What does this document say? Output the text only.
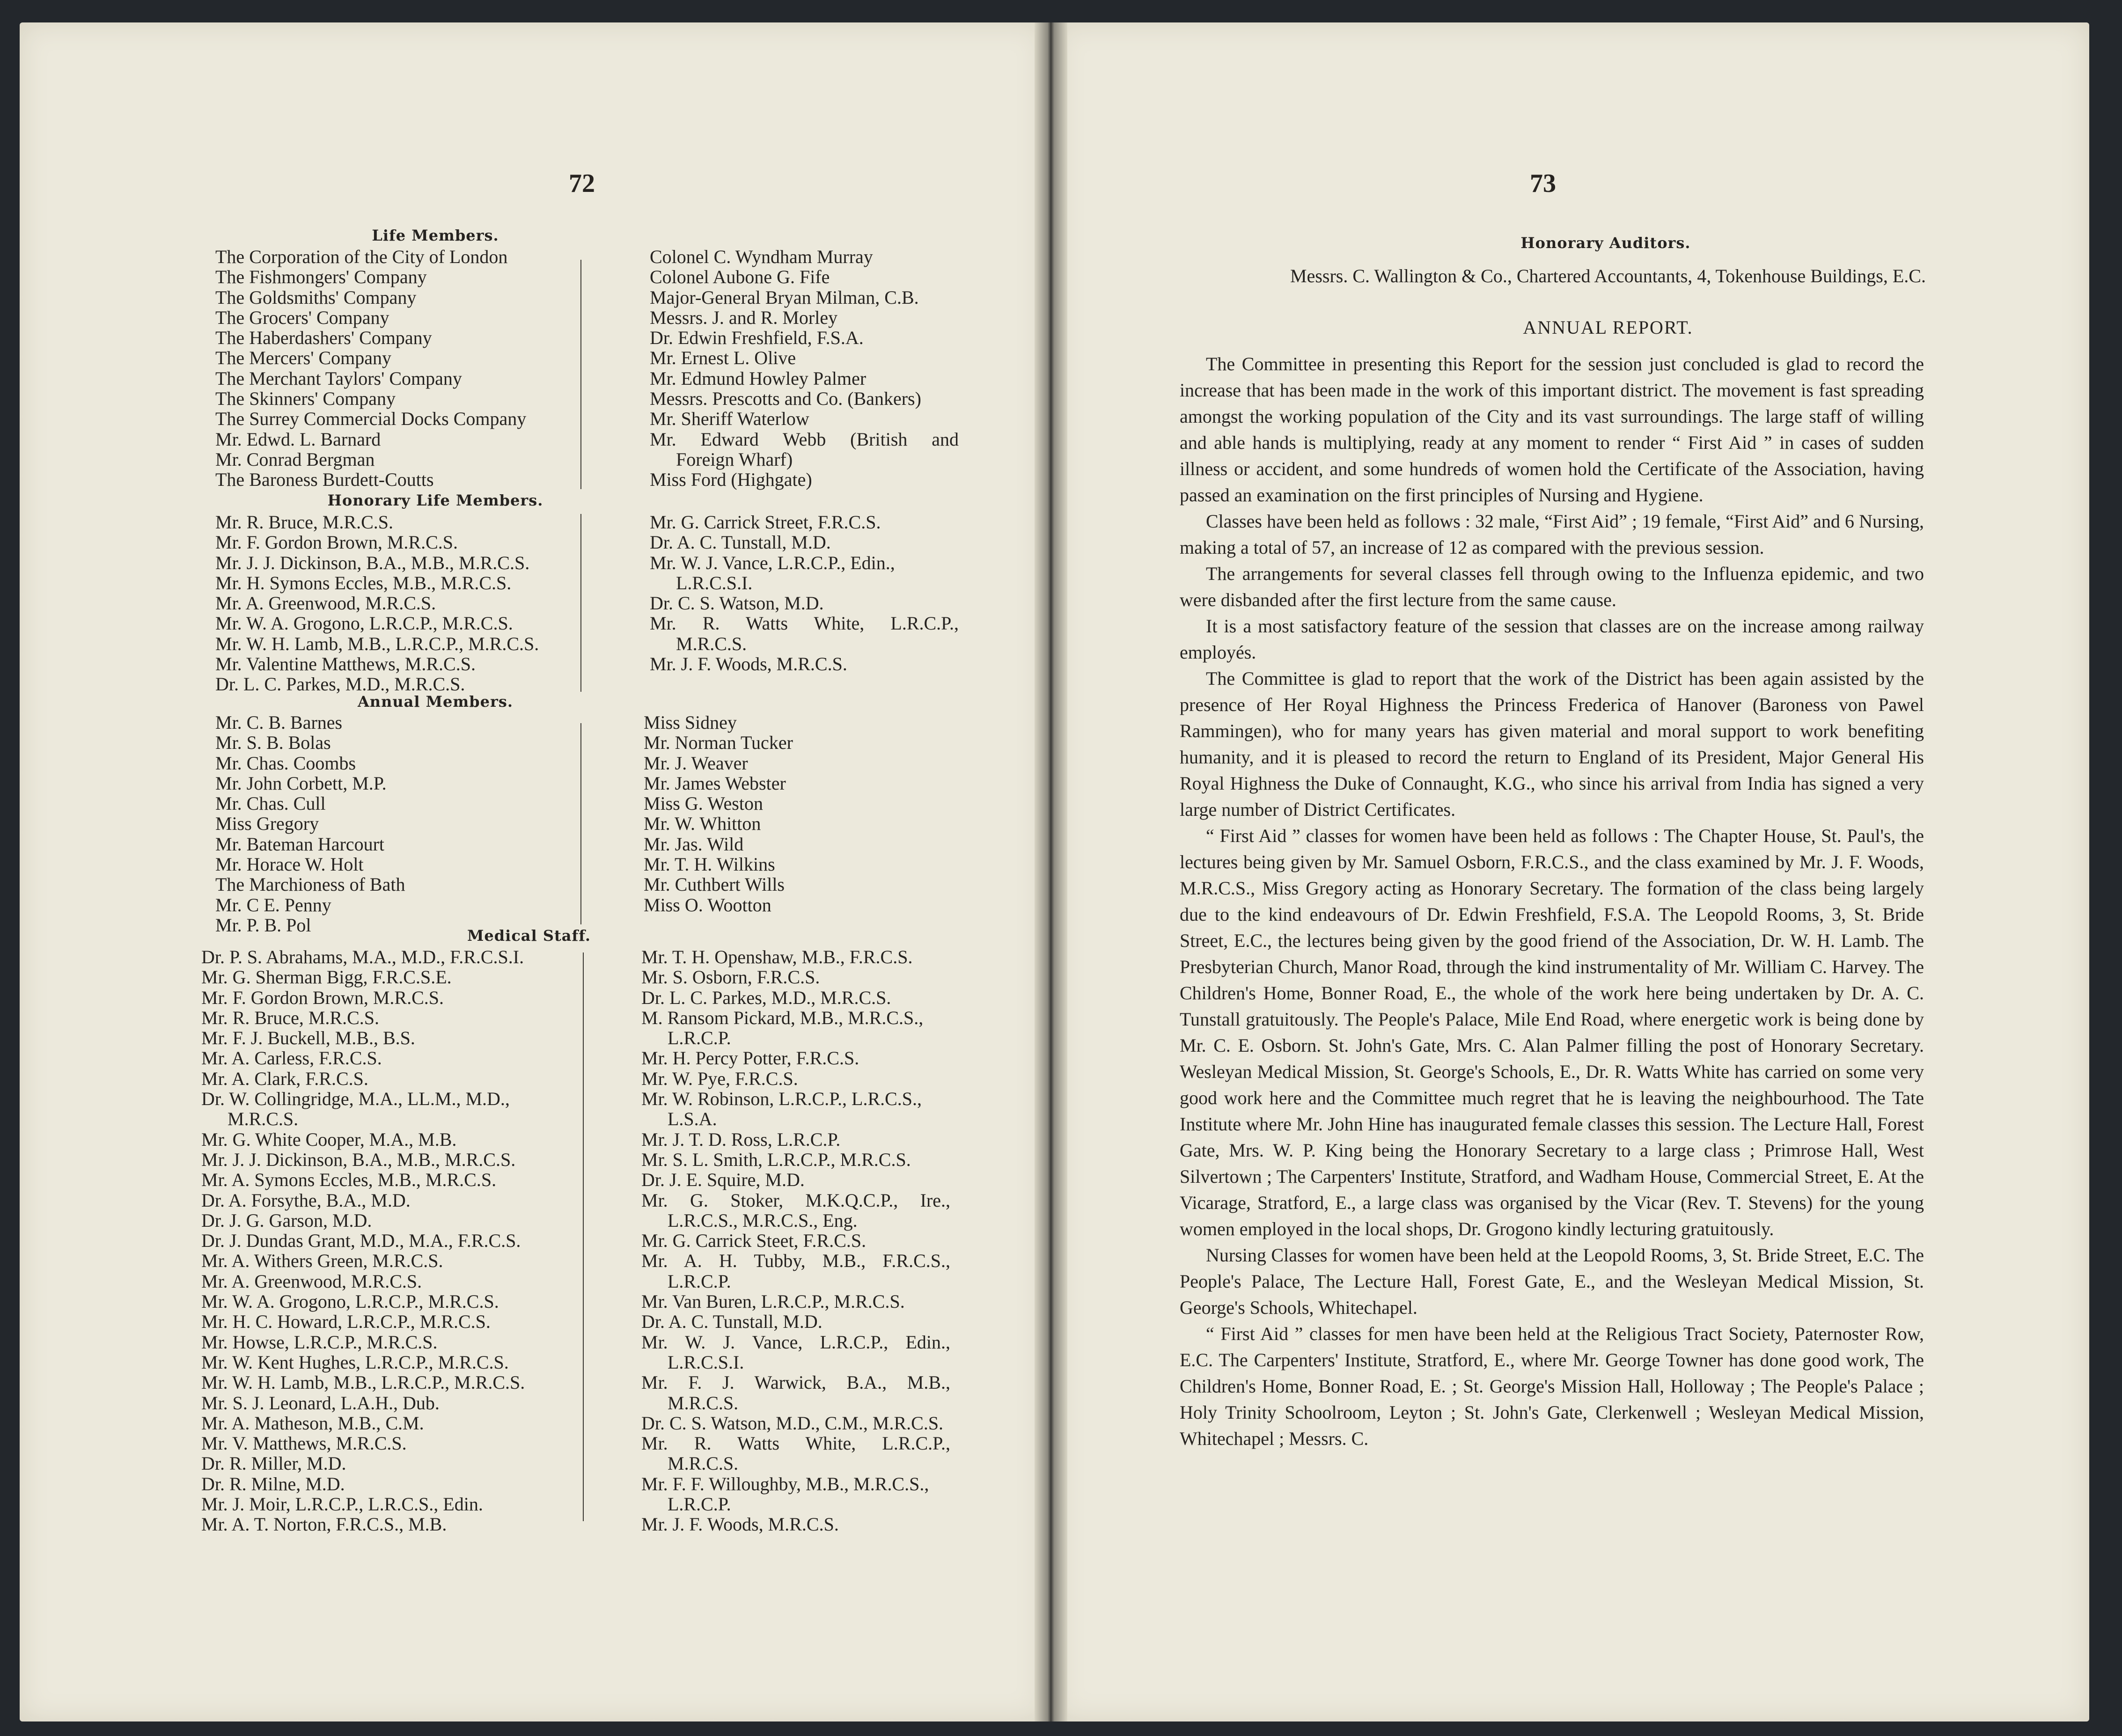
72
Life Members.
The Corporation of the City of London
The Fishmongers' Company
The Goldsmiths' Company
The Grocers' Company
The Haberdashers' Company
The Mercers' Company
The Merchant Taylors' Company
The Skinners' Company
The Surrey Commercial Docks Company
Mr. Edwd. L. Barnard
Mr. Conrad Bergman
The Baroness Burdett-Coutts
Colonel C. Wyndham Murray
Colonel Aubone G. Fife
Major-General Bryan Milman, C.B.
Messrs. J. and R. Morley
Dr. Edwin Freshfield, F.S.A.
Mr. Ernest L. Olive
Mr. Edmund Howley Palmer
Messrs. Prescotts and Co. (Bankers)
Mr. Sheriff Waterlow
Mr. Edward Webb (British and
Foreign Wharf)
Miss Ford (Highgate)
Honorary Life Members.
Mr. R. Bruce, M.R.C.S.
Mr. F. Gordon Brown, M.R.C.S.
Mr. J. J. Dickinson, B.A., M.B., M.R.C.S.
Mr. H. Symons Eccles, M.B., M.R.C.S.
Mr. A. Greenwood, M.R.C.S.
Mr. W. A. Grogono, L.R.C.P., M.R.C.S.
Mr. W. H. Lamb, M.B., L.R.C.P., M.R.C.S.
Mr. Valentine Matthews, M.R.C.S.
Dr. L. C. Parkes, M.D., M.R.C.S.
Mr. G. Carrick Street, F.R.C.S.
Dr. A. C. Tunstall, M.D.
Mr. W. J. Vance, L.R.C.P., Edin.,
L.R.C.S.I.
Dr. C. S. Watson, M.D.
Mr. R. Watts White, L.R.C.P.,
M.R.C.S.
Mr. J. F. Woods, M.R.C.S.
Annual Members.
Mr. C. B. Barnes
Mr. S. B. Bolas
Mr. Chas. Coombs
Mr. John Corbett, M.P.
Mr. Chas. Cull
Miss Gregory
Mr. Bateman Harcourt
Mr. Horace W. Holt
The Marchioness of Bath
Mr. C E. Penny
Mr. P. B. Pol
Miss Sidney
Mr. Norman Tucker
Mr. J. Weaver
Mr. James Webster
Miss G. Weston
Mr. W. Whitton
Mr. Jas. Wild
Mr. T. H. Wilkins
Mr. Cuthbert Wills
Miss O. Wootton
Medical Staff.
Dr. P. S. Abrahams, M.A., M.D., F.R.C.S.I.
Mr. G. Sherman Bigg, F.R.C.S.E.
Mr. F. Gordon Brown, M.R.C.S.
Mr. R. Bruce, M.R.C.S.
Mr. F. J. Buckell, M.B., B.S.
Mr. A. Carless, F.R.C.S.
Mr. A. Clark, F.R.C.S.
Dr. W. Collingridge, M.A., LL.M., M.D.,
M.R.C.S.
Mr. G. White Cooper, M.A., M.B.
Mr. J. J. Dickinson, B.A., M.B., M.R.C.S.
Mr. A. Symons Eccles, M.B., M.R.C.S.
Dr. A. Forsythe, B.A., M.D.
Dr. J. G. Garson, M.D.
Dr. J. Dundas Grant, M.D., M.A., F.R.C.S.
Mr. A. Withers Green, M.R.C.S.
Mr. A. Greenwood, M.R.C.S.
Mr. W. A. Grogono, L.R.C.P., M.R.C.S.
Mr. H. C. Howard, L.R.C.P., M.R.C.S.
Mr. Howse, L.R.C.P., M.R.C.S.
Mr. W. Kent Hughes, L.R.C.P., M.R.C.S.
Mr. W. H. Lamb, M.B., L.R.C.P., M.R.C.S.
Mr. S. J. Leonard, L.A.H., Dub.
Mr. A. Matheson, M.B., C.M.
Mr. V. Matthews, M.R.C.S.
Dr. R. Miller, M.D.
Dr. R. Milne, M.D.
Mr. J. Moir, L.R.C.P., L.R.C.S., Edin.
Mr. A. T. Norton, F.R.C.S., M.B.
Mr. T. H. Openshaw, M.B., F.R.C.S.
Mr. S. Osborn, F.R.C.S.
Dr. L. C. Parkes, M.D., M.R.C.S.
M. Ransom Pickard, M.B., M.R.C.S.,
L.R.C.P.
Mr. H. Percy Potter, F.R.C.S.
Mr. W. Pye, F.R.C.S.
Mr. W. Robinson, L.R.C.P., L.R.C.S.,
L.S.A.
Mr. J. T. D. Ross, L.R.C.P.
Mr. S. L. Smith, L.R.C.P., M.R.C.S.
Dr. J. E. Squire, M.D.
Mr. G. Stoker, M.K.Q.C.P., Ire.,
L.R.C.S., M.R.C.S., Eng.
Mr. G. Carrick Steet, F.R.C.S.
Mr. A. H. Tubby, M.B., F.R.C.S.,
L.R.C.P.
Mr. Van Buren, L.R.C.P., M.R.C.S.
Dr. A. C. Tunstall, M.D.
Mr. W. J. Vance, L.R.C.P., Edin.,
L.R.C.S.I.
Mr. F. J. Warwick, B.A., M.B.,
M.R.C.S.
Dr. C. S. Watson, M.D., C.M., M.R.C.S.
Mr. R. Watts White, L.R.C.P.,
M.R.C.S.
Mr. F. F. Willoughby, M.B., M.R.C.S.,
L.R.C.P.
Mr. J. F. Woods, M.R.C.S.
73
Honorary Auditors.
Messrs. C. Wallington & Co., Chartered Accountants, 4, Tokenhouse Buildings, E.C.
ANNUAL REPORT.
The Committee in presenting this Report for the session just concluded is glad to record the increase that has been made in the work of this important district. The movement is fast spreading amongst the working population of the City and its vast surroundings. The large staff of willing and able hands is multiplying, ready at any moment to render “ First Aid ” in cases of sudden illness or accident, and some hundreds of women hold the Certificate of the Association, having passed an examination on the first principles of Nursing and Hygiene.
Classes have been held as follows : 32 male, “First Aid” ; 19 female, “First Aid” and 6 Nursing, making a total of 57, an increase of 12 as compared with the previous session.
The arrangements for several classes fell through owing to the Influenza epidemic, and two were disbanded after the first lecture from the same cause.
It is a most satisfactory feature of the session that classes are on the increase among railway employés.
The Committee is glad to report that the work of the District has been again assisted by the presence of Her Royal Highness the Princess Frederica of Hanover (Baroness von Pawel Rammingen), who for many years has given material and moral support to work benefiting humanity, and it is pleased to record the return to England of its President, Major General His Royal Highness the Duke of Connaught, K.G., who since his arrival from India has signed a very large number of District Certificates.
“ First Aid ” classes for women have been held as follows : The Chapter House, St. Paul's, the lectures being given by Mr. Samuel Osborn, F.R.C.S., and the class examined by Mr. J. F. Woods, M.R.C.S., Miss Gregory acting as Honorary Secretary. The formation of the class being largely due to the kind endeavours of Dr. Edwin Freshfield, F.S.A. The Leopold Rooms, 3, St. Bride Street, E.C., the lectures being given by the good friend of the Association, Dr. W. H. Lamb. The Presbyterian Church, Manor Road, through the kind instrumentality of Mr. William C. Harvey. The Children's Home, Bonner Road, E., the whole of the work here being undertaken by Dr. A. C. Tunstall gratuitously. The People's Palace, Mile End Road, where energetic work is being done by Mr. C. E. Osborn. St. John's Gate, Mrs. C. Alan Palmer filling the post of Honorary Secretary. Wesleyan Medical Mission, St. George's Schools, E., Dr. R. Watts White has carried on some very good work here and the Committee much regret that he is leaving the neighbourhood. The Tate Institute where Mr. John Hine has inaugurated female classes this session. The Lecture Hall, Forest Gate, Mrs. W. P. King being the Honorary Secretary to a large class ; Primrose Hall, West Silvertown ; The Carpenters' Institute, Stratford, and Wadham House, Commercial Street, E. At the Vicarage, Stratford, E., a large class was organised by the Vicar (Rev. T. Stevens) for the young women employed in the local shops, Dr. Grogono kindly lecturing gratuitously.
Nursing Classes for women have been held at the Leopold Rooms, 3, St. Bride Street, E.C. The People's Palace, The Lecture Hall, Forest Gate, E., and the Wesleyan Medical Mission, St. George's Schools, Whitechapel.
“ First Aid ” classes for men have been held at the Religious Tract Society, Paternoster Row, E.C. The Carpenters' Institute, Stratford, E., where Mr. George Towner has done good work, The Children's Home, Bonner Road, E. ; St. George's Mission Hall, Holloway ; The People's Palace ; Holy Trinity Schoolroom, Leyton ; St. John's Gate, Clerkenwell ; Wesleyan Medical Mission, Whitechapel ; Messrs. C.
